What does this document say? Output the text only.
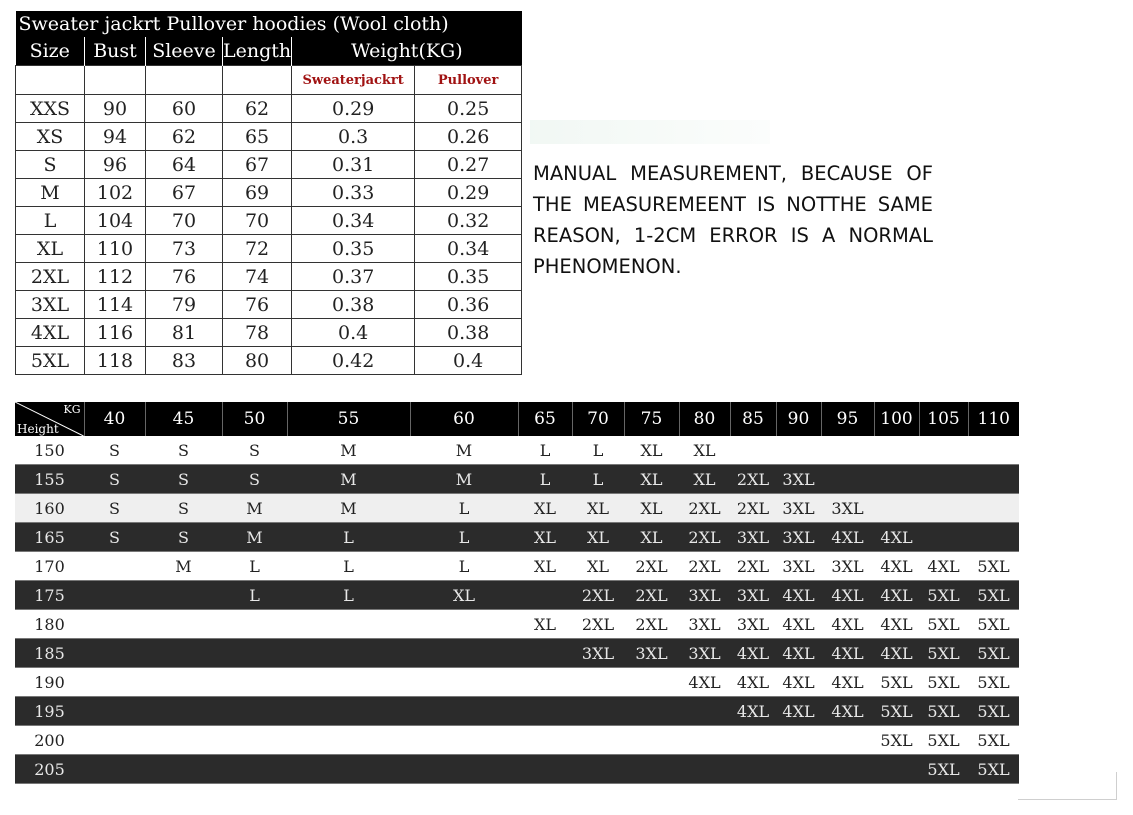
Sweater jackrt Pullover hoodies (Wool cloth)					
Size	Bust	Sleeve	Length	Weight(KG)	
				Sweaterjackrt	Pullover
XXS	90	60	62	0.29	0.25
XS	94	62	65	0.3	0.26
S	96	64	67	0.31	0.27
M	102	67	69	0.33	0.29
L	104	70	70	0.34	0.32
XL	110	73	72	0.35	0.34
2XL	112	76	74	0.37	0.35
3XL	114	79	76	0.38	0.36
4XL	116	81	78	0.4	0.38
5XL	118	83	80	0.42	0.4
MANUAL MEASUREMENT, BECAUSE OF THE MEASUREMEENT IS NOTTHE SAME REASON, 1-2CM ERROR IS A NORMAL PHENOMENON.
KG
Height	40	45	50	55	60	65	70	75	80	85	90	95	100	105	110
150	S	S	S	M	M	L	L	XL	XL						
155	S	S	S	M	M	L	L	XL	XL	2XL	3XL				
160	S	S	M	M	L	XL	XL	XL	2XL	2XL	3XL	3XL			
165	S	S	M	L	L	XL	XL	XL	2XL	3XL	3XL	4XL	4XL		
170		M	L	L	L	XL	XL	2XL	2XL	2XL	3XL	3XL	4XL	4XL	5XL
175			L	L	XL		2XL	2XL	3XL	3XL	4XL	4XL	4XL	5XL	5XL
180						XL	2XL	2XL	3XL	3XL	4XL	4XL	4XL	5XL	5XL
185							3XL	3XL	3XL	4XL	4XL	4XL	4XL	5XL	5XL
190									4XL	4XL	4XL	4XL	5XL	5XL	5XL
195										4XL	4XL	4XL	5XL	5XL	5XL
200													5XL	5XL	5XL
205														5XL	5XL
